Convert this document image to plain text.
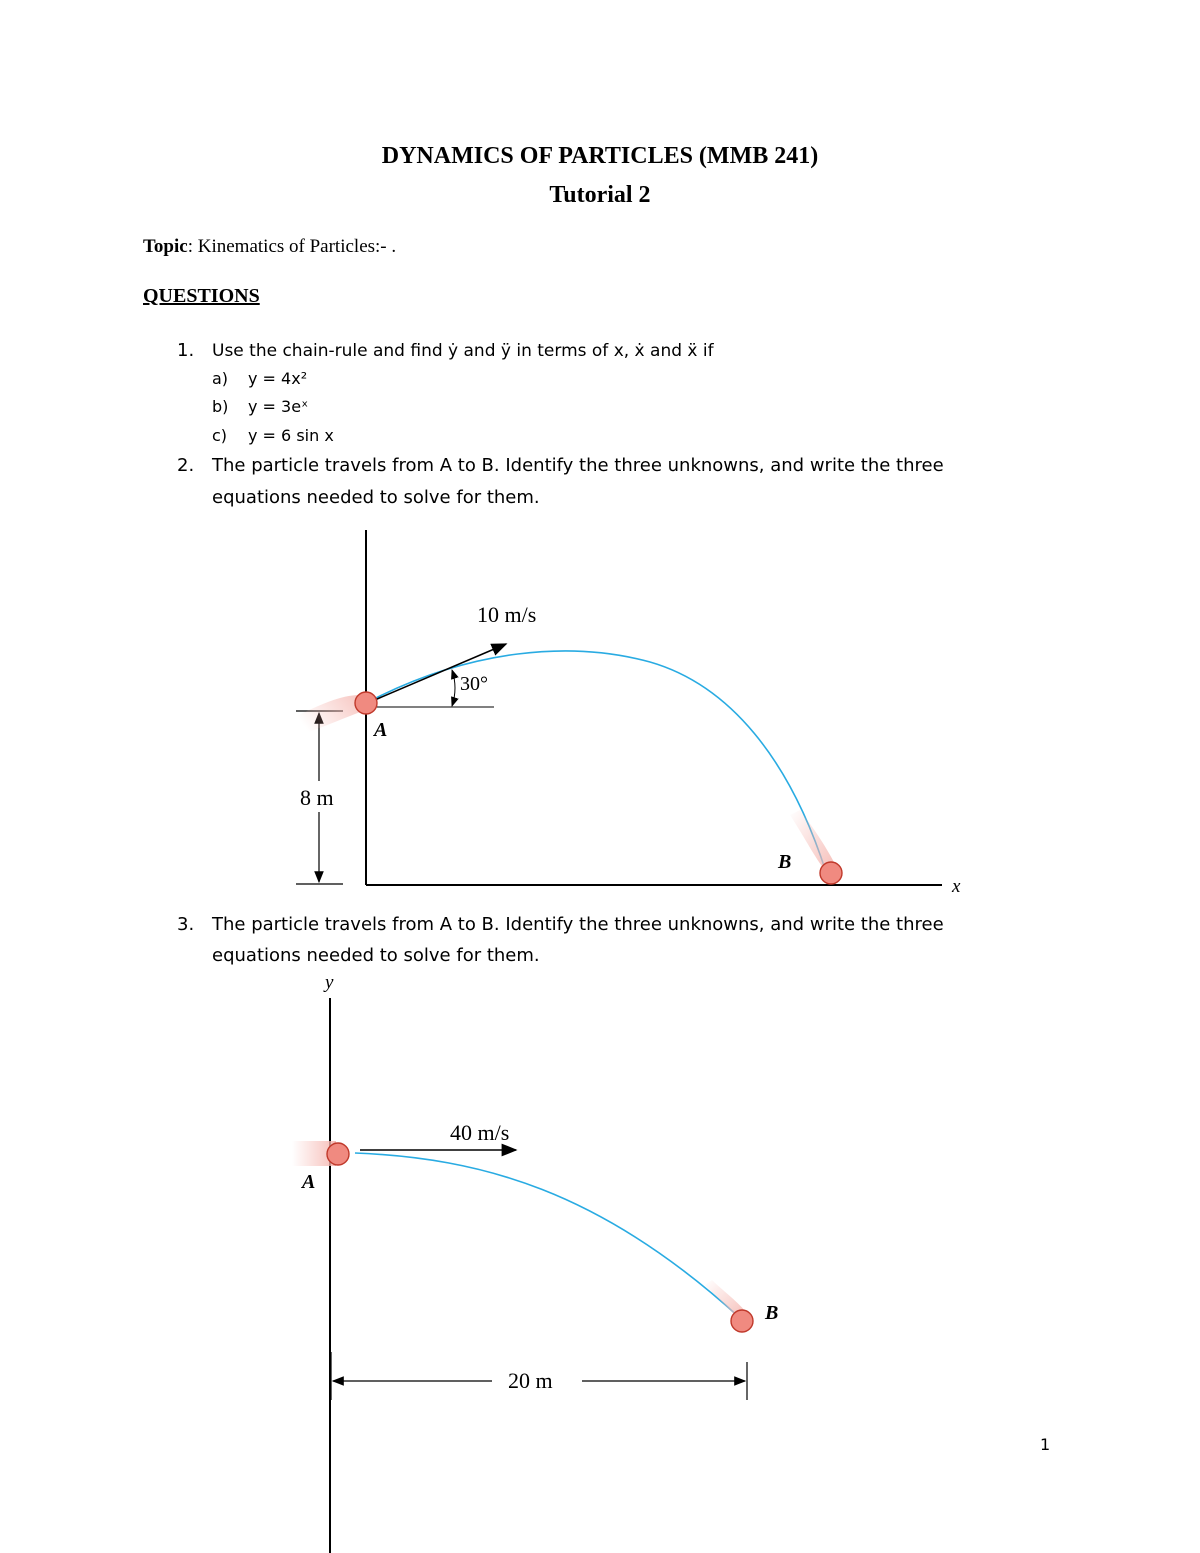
DYNAMICS OF PARTICLES (MMB 241)
Tutorial 2
Topic: Kinematics of Particles:- .
QUESTIONS
1. Use the chain-rule and find ẏ and ÿ in terms of x, ẋ and ẍ if
a) y = 4x²
b) y = 3eˣ
c) y = 6 sin x
2. The particle travels from A to B. Identify the three unknowns, and write the three
equations needed to solve for them.
x
8 m
10 m/s
30°
A
B
y
40 m/s
A
B
20 m
3. The particle travels from A to B. Identify the three unknowns, and write the three
equations needed to solve for them.
1
